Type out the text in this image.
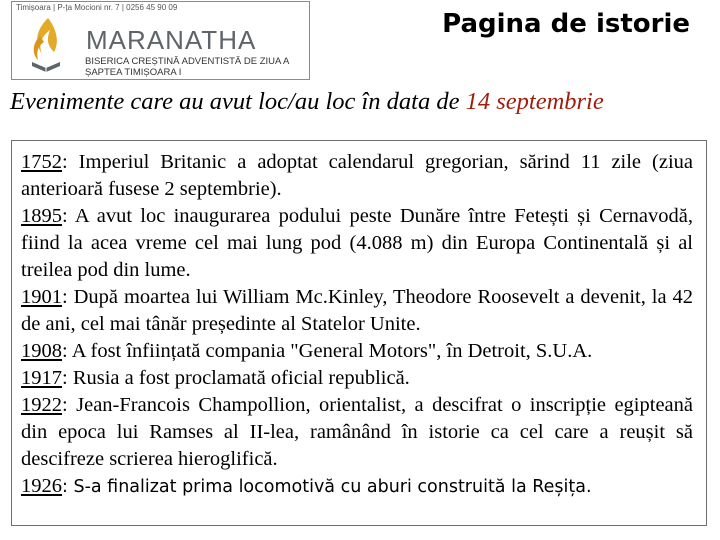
Timișoara | P-ța Mocioni nr. 7 | 0256 45 90 09
MARANATHA
BISERICA CREȘTINĂ ADVENTISTĂ DE ZIUA A ȘAPTEA TIMIȘOARA I
Pagina de istorie
Evenimente care au avut loc/au loc în data de 14 septembrie

1752: Imperiul Britanic a adoptat calendarul gregorian, sărind 11 zile (ziua anterioară fusese 2 septembrie).

1895: A avut loc inaugurarea podului peste Dunăre între Fetești și Cernavodă, fiind la acea vreme cel mai lung pod (4.088 m) din Europa Continentală și al treilea pod din lume.

1901: După moartea lui William Mc.Kinley, Theodore Roosevelt a devenit, la 42 de ani, cel mai tânăr președinte al Statelor Unite.

1908: A fost înființată compania "General Motors", în Detroit, S.U.A.

1917: Rusia a fost proclamată oficial republică.

1922: Jean-Francois Champollion, orientalist, a descifrat o inscripție egipteană din epoca lui Ramses al II-lea, ramânând în istorie ca cel care a reușit să descifreze scrierea hieroglifică.

1926: S-a finalizat prima locomotivă cu aburi construită la Reșița.
